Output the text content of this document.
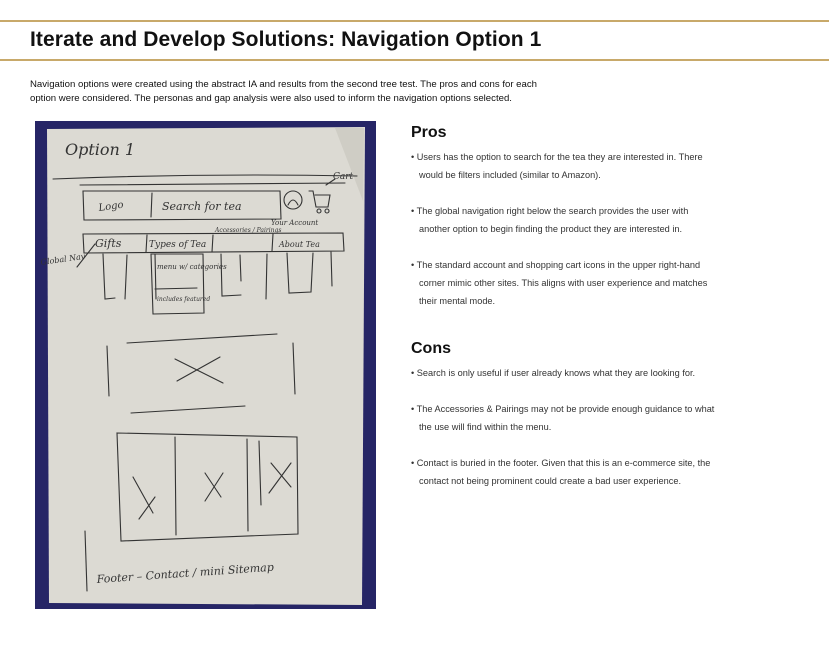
Iterate and Develop Solutions: Navigation Option 1
Navigation options were created using the abstract IA and results from the second tree test. The pros and cons for each
option were considered. The personas and gap analysis were also used to inform the navigation options selected.
Option 1
Logo	Search for tea
Cart
Your Account
Global Nav
Gifts	Types of Tea
Accessories / Pairings
About Tea
menu w/ categories
includes featured
Footer – Contact / mini Sitemap
Pros
• Users has the option to search for the tea they are interested in. There
would be filters included (similar to Amazon).
• The global navigation right below the search provides the user with
another option to begin finding the product they are interested in.
• The standard account and shopping cart icons in the upper right-hand
corner mimic other sites. This aligns with user experience and matches
their mental mode.
Cons
• Search is only useful if user already knows what they are looking for.
• The Accessories & Pairings may not be provide enough guidance to what
the use will find within the menu.
• Contact is buried in the footer. Given that this is an e-commerce site, the
contact not being prominent could create a bad user experience.
